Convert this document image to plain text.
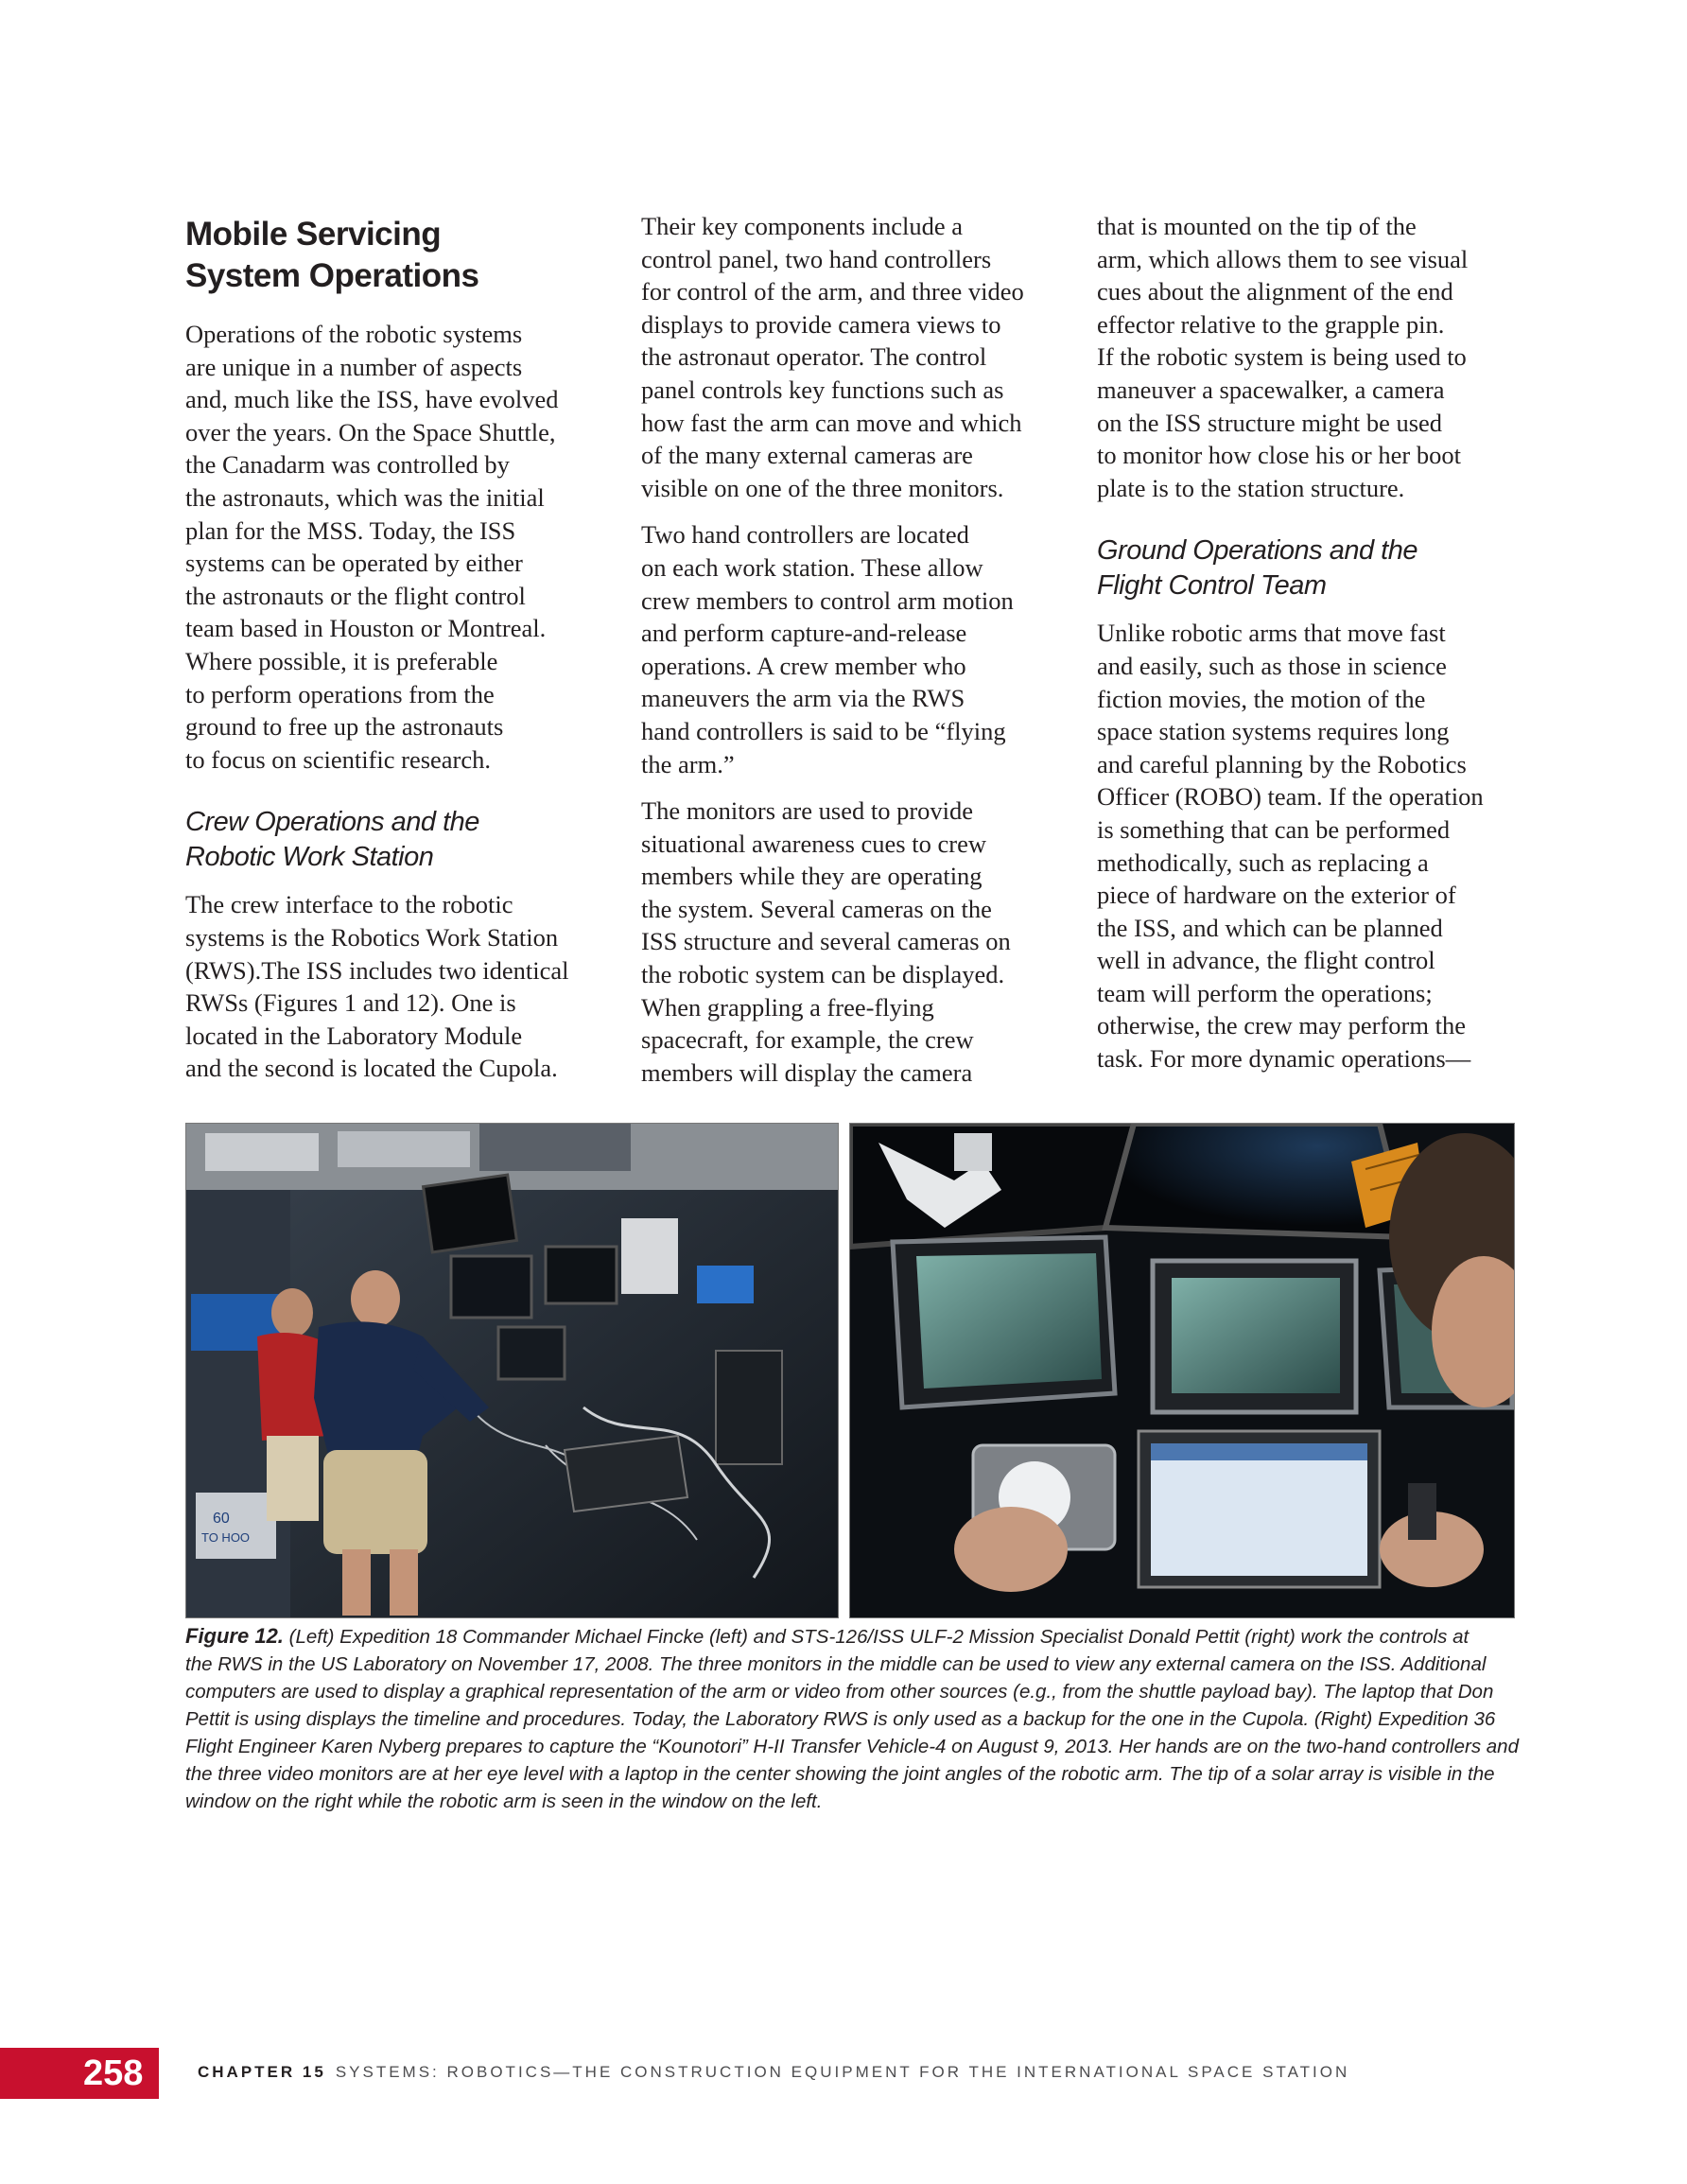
Mobile Servicing
System Operations

Operations of the robotic systems
are unique in a number of aspects
and, much like the ISS, have evolved
over the years. On the Space Shuttle,
the Canadarm was controlled by
the astronauts, which was the initial
plan for the MSS. Today, the ISS
systems can be operated by either
the astronauts or the flight control
team based in Houston or Montreal.
Where possible, it is preferable
to perform operations from the
ground to free up the astronauts
to focus on scientific research.

Crew Operations and the
Robotic Work Station

The crew interface to the robotic
systems is the Robotics Work Station
(RWS).The ISS includes two identical
RWSs (Figures 1 and 12). One is
located in the Laboratory Module
and the second is located the Cupola.

Their key components include a
control panel, two hand controllers
for control of the arm, and three video
displays to provide camera views to
the astronaut operator. The control
panel controls key functions such as
how fast the arm can move and which
of the many external cameras are
visible on one of the three monitors.

Two hand controllers are located
on each work station. These allow
crew members to control arm motion
and perform capture-and-release
operations. A crew member who
maneuvers the arm via the RWS
hand controllers is said to be “flying
the arm.”

The monitors are used to provide
situational awareness cues to crew
members while they are operating
the system. Several cameras on the
ISS structure and several cameras on
the robotic system can be displayed.
When grappling a free-flying
spacecraft, for example, the crew
members will display the camera

that is mounted on the tip of the
arm, which allows them to see visual
cues about the alignment of the end
effector relative to the grapple pin.
If the robotic system is being used to
maneuver a spacewalker, a camera
on the ISS structure might be used
to monitor how close his or her boot
plate is to the station structure.

Ground Operations and the
Flight Control Team

Unlike robotic arms that move fast
and easily, such as those in science
fiction movies, the motion of the
space station systems requires long
and careful planning by the Robotics
Officer (ROBO) team. If the operation
is something that can be performed
methodically, such as replacing a
piece of hardware on the exterior of
the ISS, and which can be planned
well in advance, the flight control
team will perform the operations;
otherwise, the crew may perform the
task. For more dynamic operations—

60
TO HOO
Figure 12. (Left) Expedition 18 Commander Michael Fincke (left) and STS-126/ISS ULF-2 Mission Specialist Donald Pettit (right) work the controls at
the RWS in the US Laboratory on November 17, 2008. The three monitors in the middle can be used to view any external camera on the ISS. Additional
computers are used to display a graphical representation of the arm or video from other sources (e.g., from the shuttle payload bay). The laptop that Don
Pettit is using displays the timeline and procedures. Today, the Laboratory RWS is only used as a backup for the one in the Cupola. (Right) Expedition 36
Flight Engineer Karen Nyberg prepares to capture the “Kounotori” H-II Transfer Vehicle-4 on August 9, 2013. Her hands are on the two-hand controllers and
the three video monitors are at her eye level with a laptop in the center showing the joint angles of the robotic arm. The tip of a solar array is visible in the
window on the right while the robotic arm is seen in the window on the left.
258	CHAPTER 15 SYSTEMS: ROBOTICS—THE CONSTRUCTION EQUIPMENT FOR THE INTERNATIONAL SPACE STATION
